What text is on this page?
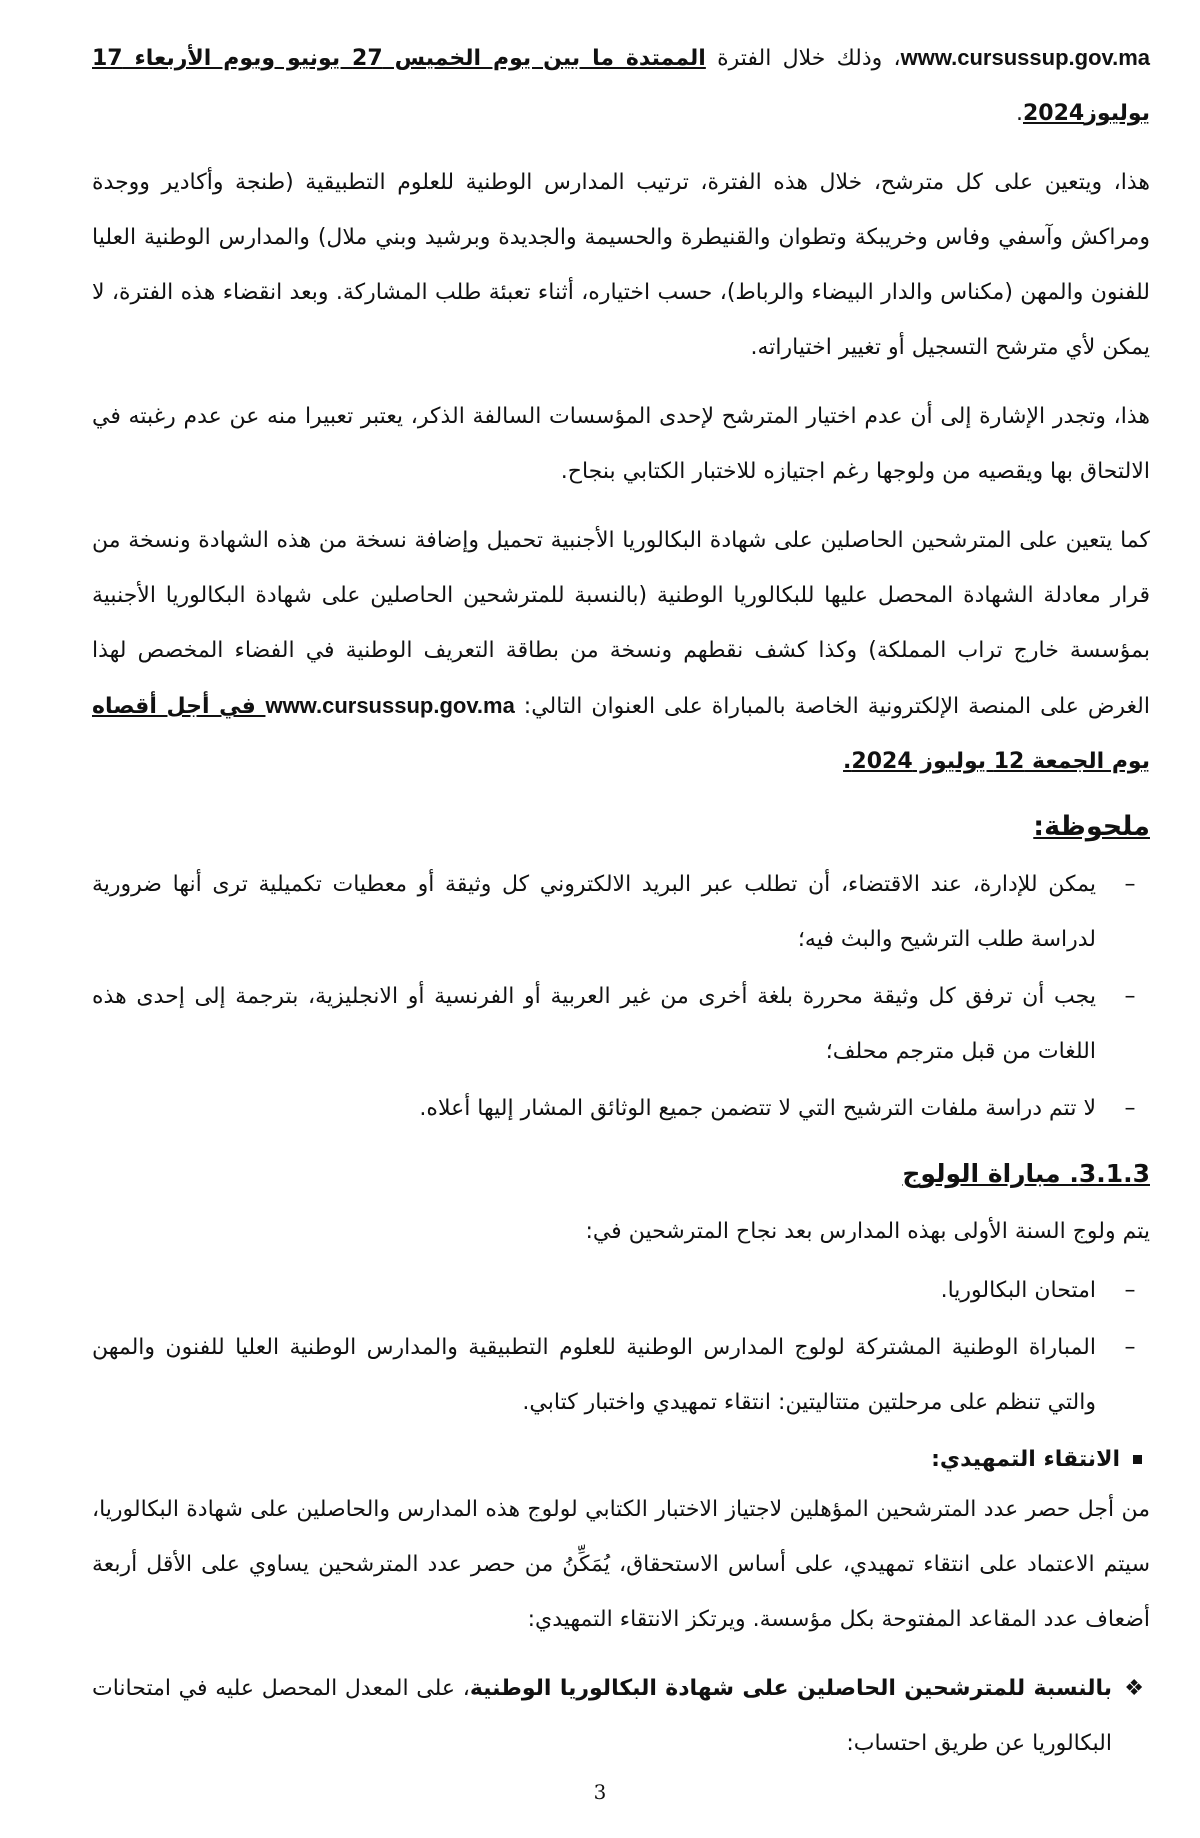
www.cursussup.gov.ma، وذلك خلال الفترة الممتدة ما بين يوم الخميس 27 يونيو ويوم الأربعاء 17 يوليوز2024.

هذا، ويتعين على كل مترشح، خلال هذه الفترة، ترتيب المدارس الوطنية للعلوم التطبيقية (طنجة وأكادير ووجدة ومراكش وآسفي وفاس وخريبكة وتطوان والقنيطرة والحسيمة والجديدة وبرشيد وبني ملال) والمدارس الوطنية العليا للفنون والمهن (مكناس والدار البيضاء والرباط)، حسب اختياره، أثناء تعبئة طلب المشاركة. وبعد انقضاء هذه الفترة، لا يمكن لأي مترشح التسجيل أو تغيير اختياراته.

هذا، وتجدر الإشارة إلى أن عدم اختيار المترشح لإحدى المؤسسات السالفة الذكر، يعتبر تعبيرا منه عن عدم رغبته في الالتحاق بها ويقصيه من ولوجها رغم اجتيازه للاختبار الكتابي بنجاح.

كما يتعين على المترشحين الحاصلين على شهادة البكالوريا الأجنبية تحميل وإضافة نسخة من هذه الشهادة ونسخة من قرار معادلة الشهادة المحصل عليها للبكالوريا الوطنية (بالنسبة للمترشحين الحاصلين على شهادة البكالوريا الأجنبية بمؤسسة خارج تراب المملكة) وكذا كشف نقطهم ونسخة من بطاقة التعريف الوطنية في الفضاء المخصص لهذا الغرض على المنصة الإلكترونية الخاصة بالمباراة على العنوان التالي: www.cursussup.gov.ma في أجل أقصاه يوم الجمعة 12 يوليوز 2024.

ملحوظة:
–
يمكن للإدارة، عند الاقتضاء، أن تطلب عبر البريد الالكتروني كل وثيقة أو معطيات تكميلية ترى أنها ضرورية لدراسة طلب الترشيح والبث فيه؛
–
يجب أن ترفق كل وثيقة محررة بلغة أخرى من غير العربية أو الفرنسية أو الانجليزية، بترجمة إلى إحدى هذه اللغات من قبل مترجم محلف؛
–
لا تتم دراسة ملفات الترشيح التي لا تتضمن جميع الوثائق المشار إليها أعلاه.
3.1.3. مباراة الولوج

يتم ولوج السنة الأولى بهذه المدارس بعد نجاح المترشحين في:

–
امتحان البكالوريا.
–
المباراة الوطنية المشتركة لولوج المدارس الوطنية للعلوم التطبيقية والمدارس الوطنية العليا للفنون والمهن والتي تنظم على مرحلتين متتاليتين: انتقاء تمهيدي واختبار كتابي.
الانتقاء التمهيدي:

من أجل حصر عدد المترشحين المؤهلين لاجتياز الاختبار الكتابي لولوج هذه المدارس والحاصلين على شهادة البكالوريا، سيتم الاعتماد على انتقاء تمهيدي، على أساس الاستحقاق، يُمَكِّنُ من حصر عدد المترشحين يساوي على الأقل أربعة أضعاف عدد المقاعد المفتوحة بكل مؤسسة. ويرتكز الانتقاء التمهيدي:

❖
بالنسبة للمترشحين الحاصلين على شهادة البكالوريا الوطنية، على المعدل المحصل عليه في امتحانات البكالوريا عن طريق احتساب:
3
